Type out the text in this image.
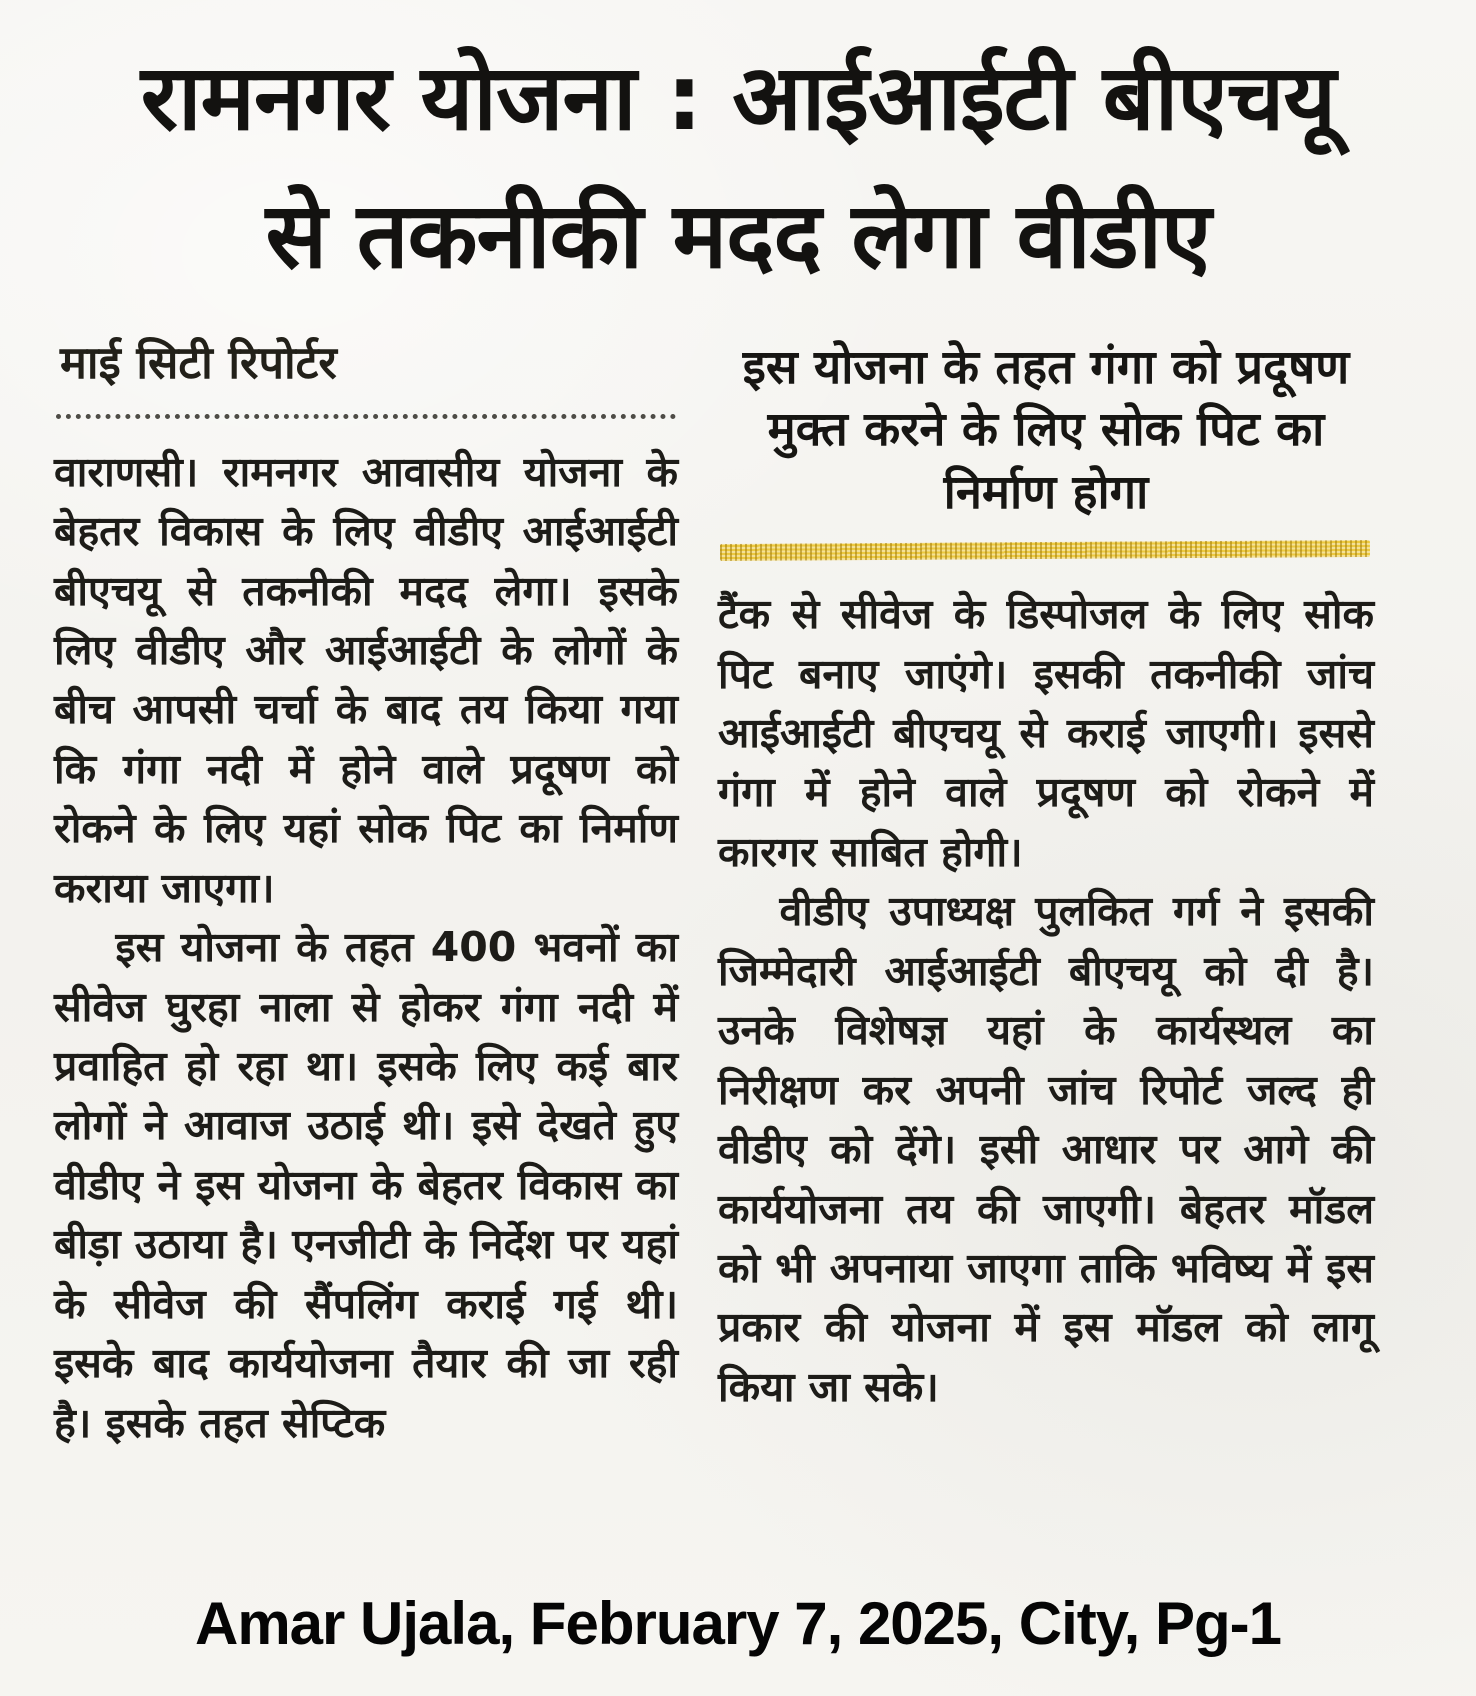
रामनगर योजना : आईआईटी बीएचयू
से तकनीकी मदद लेगा वीडीए
माई सिटी रिपोर्टर

वाराणसी। रामनगर आवासीय योजना के बेहतर विकास के लिए वीडीए आईआईटी बीएचयू से तकनीकी मदद लेगा। इसके लिए वीडीए और आईआईटी के लोगों के बीच आपसी चर्चा के बाद तय किया गया कि गंगा नदी में होने वाले प्रदूषण को रोकने के लिए यहां सोक पिट का निर्माण कराया जाएगा।

इस योजना के तहत 400 भवनों का सीवेज घुरहा नाला से होकर गंगा नदी में प्रवाहित हो रहा था। इसके लिए कई बार लोगों ने आवाज उठाई थी। इसे देखते हुए वीडीए ने इस योजना के बेहतर विकास का बीड़ा उठाया है। एनजीटी के निर्देश पर यहां के सीवेज की सैंपलिंग कराई गई थी। इसके बाद कार्ययोजना तैयार की जा रही है। इसके तहत सेप्टिक

इस योजना के तहत गंगा को प्रदूषण मुक्त करने के लिए सोक पिट का निर्माण होगा

टैंक से सीवेज के डिस्पोजल के लिए सोक पिट बनाए जाएंगे। इसकी तकनीकी जांच आईआईटी बीएचयू से कराई जाएगी। इससे गंगा में होने वाले प्रदूषण को रोकने में कारगर साबित होगी।

वीडीए उपाध्यक्ष पुलकित गर्ग ने इसकी जिम्मेदारी आईआईटी बीएचयू को दी है। उनके विशेषज्ञ यहां के कार्यस्थल का निरीक्षण कर अपनी जांच रिपोर्ट जल्द ही वीडीए को देंगे। इसी आधार पर आगे की कार्ययोजना तय की जाएगी। बेहतर मॉडल को भी अपनाया जाएगा ताकि भविष्य में इस प्रकार की योजना में इस मॉडल को लागू किया जा सके।

Amar Ujala, February 7, 2025, City, Pg-1
